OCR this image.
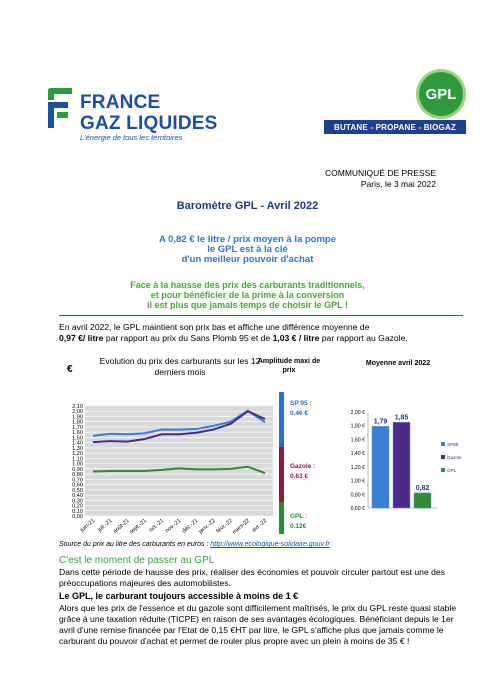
FRANCE
GAZ LIQUIDES
L'énergie de tous les territoires
GPL
BUTANE - PROPANE - BIOGAZ
COMMUNIQUÉ DE PRESSE
Paris, le 3 mai 2022
Baromètre GPL - Avril 2022
A 0,82 € le litre / prix moyen à la pompe
le GPL est à la clé
d'un meilleur pouvoir d'achat
Face à la hausse des prix des carburants traditionnels,
et pour bénéficier de la prime à la conversion
il est plus que jamais temps de choisir le GPL !
En avril 2022, le GPL maintient son prix bas et affiche une différence moyenne de
0,97 €/ litre par rapport au prix du Sans Plomb 95 et de 1,03 € / litre par rapport au Gazole.
Evolution du prix des carburants sur les 12 derniers mois
€
0,00
0,10
0,20
0,30
0,40
0,50
0,60
0,70
0,80
0,90
1,00
1,10
1,20
1,30
1,40
1,50
1,60
1,70
1,80
1,90
2,00
2,10
juin-21 juil.-21
août-21
sept.-21 oct.-21 nov.-21 déc.-21
janv.-22 févr.-22
mars-22 avr.-22
Amplitude maxi de prix
SP 95 :
0.46 €
Gazole :
0.63 €
GPL :
0.12€
Moyenne avril 2022
0,60 €
0,80 €
1,00 €
1,20 €
1,40 €
1,60 €
1,80 €
2,00 €
1,79
1,85
0,82
SP95
Gazole
GPL
Source du prix au litre des carburants en euros : http://www.ecologique-solidaire.gouv.fr
C'est le moment de passer au GPL
Dans cette période de hausse des prix, réaliser des économies et pouvoir circuler partout est une des préoccupations majeures des automobilistes.
Le GPL, le carburant toujours accessible à moins de 1 €
Alors que les prix de l'essence et du gazole sont difficilement maîtrisés, le prix du GPL reste quasi stable grâce à une taxation réduite (TICPE) en raison de ses avantages écologiques. Bénéficiant depuis le 1er avril d'une remise financée par l'Etat de 0,15 €HT par litre, le GPL s'affiche plus que jamais comme le carburant du pouvoir d'achat et permet de rouler plus propre avec un plein à moins de 35 € !
